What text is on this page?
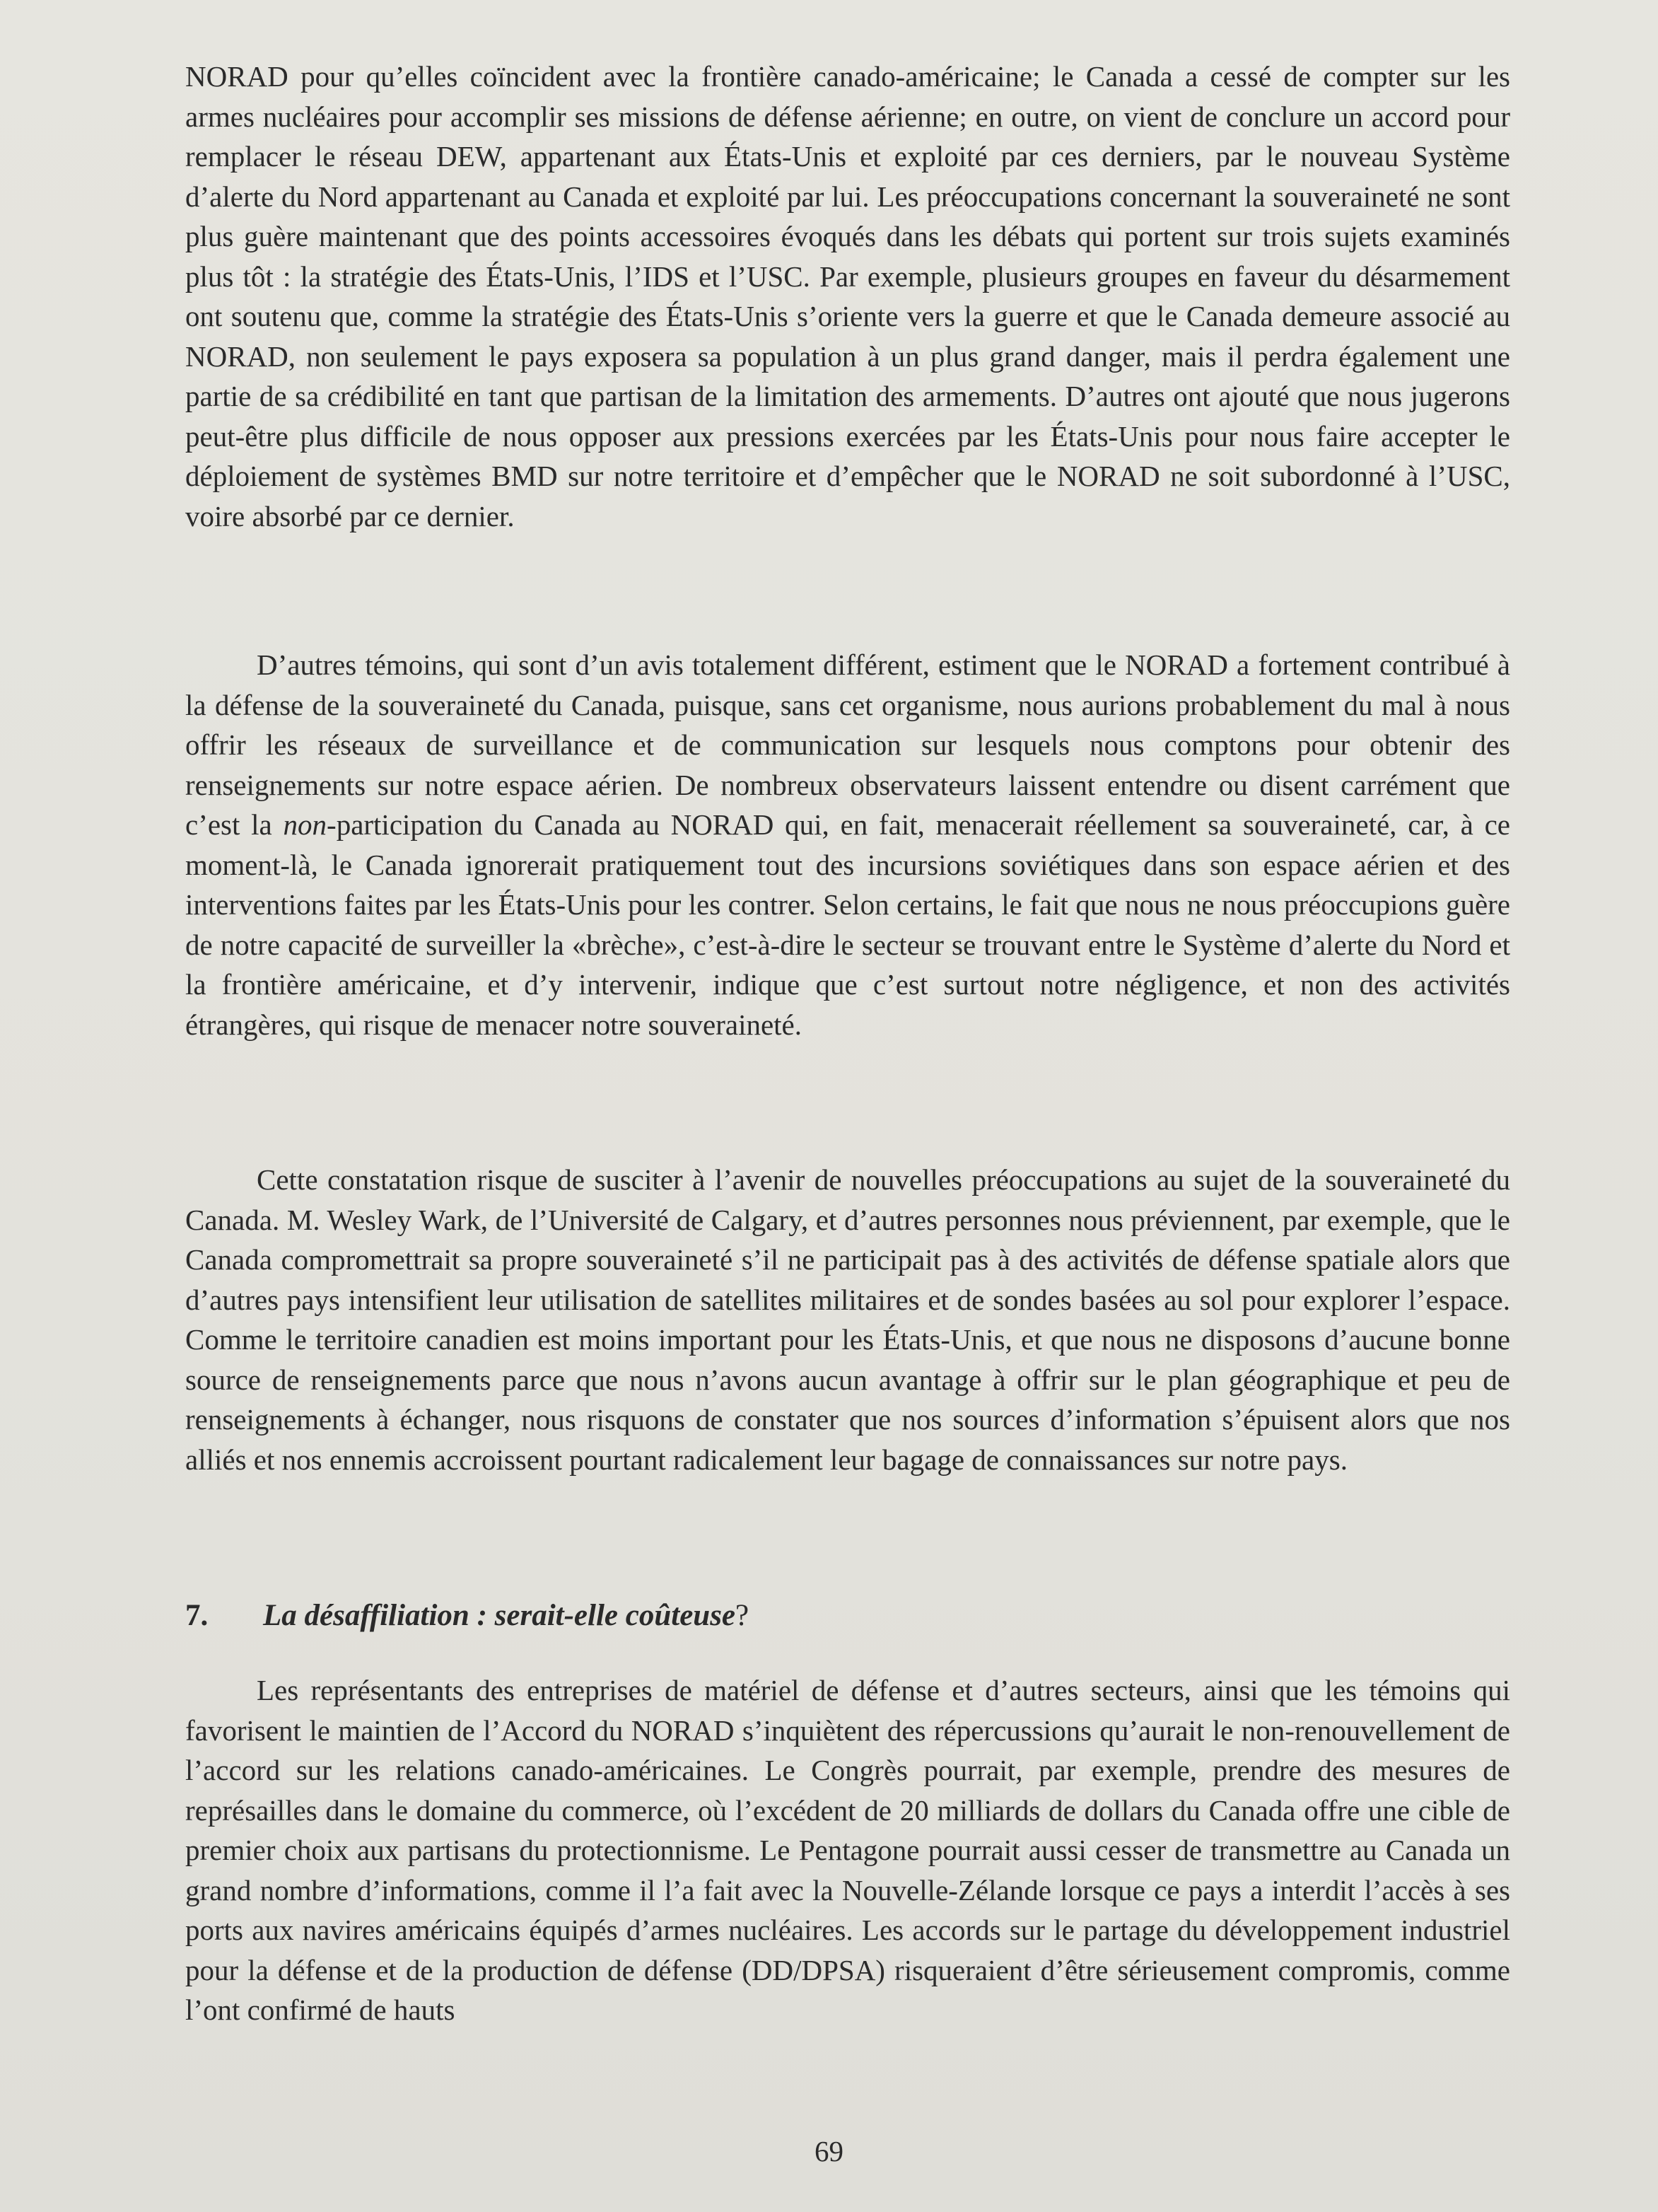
NORAD pour qu’elles coïncident avec la frontière canado-américaine; le Canada a cessé de compter sur les armes nucléaires pour accomplir ses missions de défense aérienne; en outre, on vient de conclure un accord pour remplacer le réseau DEW, appartenant aux États-Unis et exploité par ces derniers, par le nouveau Système d’alerte du Nord appartenant au Canada et exploité par lui. Les préoccupations concernant la souveraineté ne sont plus guère maintenant que des points accessoires évoqués dans les débats qui portent sur trois sujets examinés plus tôt : la stratégie des États-Unis, l’IDS et l’USC. Par exemple, plusieurs groupes en faveur du désarmement ont soutenu que, comme la stratégie des États-Unis s’oriente vers la guerre et que le Canada demeure associé au NORAD, non seulement le pays exposera sa population à un plus grand danger, mais il perdra également une partie de sa crédibilité en tant que partisan de la limitation des armements. D’autres ont ajouté que nous jugerons peut-être plus difficile de nous opposer aux pressions exercées par les États-Unis pour nous faire accepter le déploiement de systèmes BMD sur notre territoire et d’empêcher que le NORAD ne soit subordonné à l’USC, voire absorbé par ce dernier.

D’autres témoins, qui sont d’un avis totalement différent, estiment que le NORAD a fortement contribué à la défense de la souveraineté du Canada, puisque, sans cet organisme, nous aurions probablement du mal à nous offrir les réseaux de surveillance et de communication sur lesquels nous comptons pour obtenir des renseignements sur notre espace aérien. De nombreux observateurs laissent entendre ou disent carrément que c’est la non-participation du Canada au NORAD qui, en fait, menacerait réellement sa souveraineté, car, à ce moment-là, le Canada ignorerait pratiquement tout des incursions soviétiques dans son espace aérien et des interventions faites par les États-Unis pour les contrer. Selon certains, le fait que nous ne nous préoccupions guère de notre capacité de surveiller la «brèche», c’est-à-dire le secteur se trouvant entre le Système d’alerte du Nord et la frontière américaine, et d’y intervenir, indique que c’est surtout notre négligence, et non des activités étrangères, qui risque de menacer notre souveraineté.

Cette constatation risque de susciter à l’avenir de nouvelles préoccupations au sujet de la souveraineté du Canada. M. Wesley Wark, de l’Université de Calgary, et d’autres personnes nous préviennent, par exemple, que le Canada compromettrait sa propre souveraineté s’il ne participait pas à des activités de défense spatiale alors que d’autres pays intensifient leur utilisation de satellites militaires et de sondes basées au sol pour explorer l’espace. Comme le territoire canadien est moins important pour les États-Unis, et que nous ne disposons d’aucune bonne source de renseignements parce que nous n’avons aucun avantage à offrir sur le plan géographique et peu de renseignements à échanger, nous risquons de constater que nos sources d’information s’épuisent alors que nos alliés et nos ennemis accroissent pourtant radicalement leur bagage de connaissances sur notre pays.

7. La désaffiliation : serait-elle coûteuse?

Les représentants des entreprises de matériel de défense et d’autres secteurs, ainsi que les témoins qui favorisent le maintien de l’Accord du NORAD s’inquiètent des répercussions qu’aurait le non-renouvellement de l’accord sur les relations canado-américaines. Le Congrès pourrait, par exemple, prendre des mesures de représailles dans le domaine du commerce, où l’excédent de 20 milliards de dollars du Canada offre une cible de premier choix aux partisans du protectionnisme. Le Pentagone pourrait aussi cesser de transmettre au Canada un grand nombre d’informations, comme il l’a fait avec la Nouvelle-Zélande lorsque ce pays a interdit l’accès à ses ports aux navires américains équipés d’armes nucléaires. Les accords sur le partage du développement industriel pour la défense et de la production de défense (DD/DPSA) risqueraient d’être sérieusement compromis, comme l’ont confirmé de hauts

69
